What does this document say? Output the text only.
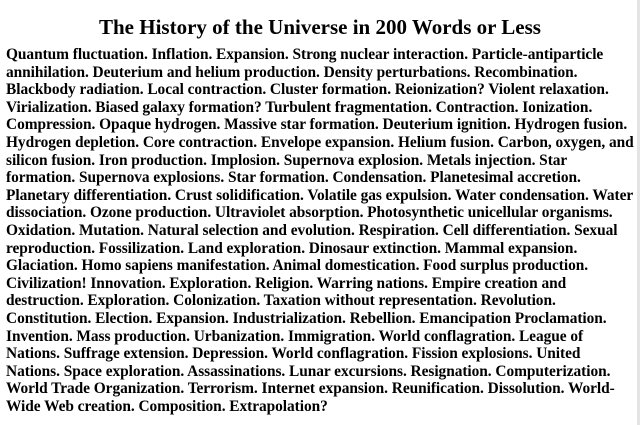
The History of the Universe in 200 Words or Less

Quantum fluctuation. Inflation. Expansion. Strong nuclear interaction. Particle-antiparticle annihilation. Deuterium and helium production. Density perturbations. Recombination. Blackbody radiation. Local contraction. Cluster formation. Reionization? Violent relaxation. Virialization. Biased galaxy formation? Turbulent fragmentation. Contraction. Ionization. Compression. Opaque hydrogen. Massive star formation. Deuterium ignition. Hydrogen fusion. Hydrogen depletion. Core contraction. Envelope expansion. Helium fusion. Carbon, oxygen, and silicon fusion. Iron production. Implosion. Supernova explosion. Metals injection. Star formation. Supernova explosions. Star formation. Condensation. Planetesimal accretion. Planetary differentiation. Crust solidification. Volatile gas expulsion. Water condensation. Water dissociation. Ozone production. Ultraviolet absorption. Photosynthetic unicellular organisms. Oxidation. Mutation. Natural selection and evolution. Respiration. Cell differentiation. Sexual reproduction. Fossilization. Land exploration. Dinosaur extinction. Mammal expansion. Glaciation. Homo sapiens manifestation. Animal domestication. Food surplus production. Civilization! Innovation. Exploration. Religion. Warring nations. Empire creation and destruction. Exploration. Colonization. Taxation without representation. Revolution. Constitution. Election. Expansion. Industrialization. Rebellion. Emancipation Proclamation. Invention. Mass production. Urbanization. Immigration. World conflagration. League of Nations. Suffrage extension. Depression. World conflagration. Fission explosions. United Nations. Space exploration. Assassinations. Lunar excursions. Resignation. Computerization. World Trade Organization. Terrorism. Internet expansion. Reunification. Dissolution. World-Wide Web creation. Composition. Extrapolation?
